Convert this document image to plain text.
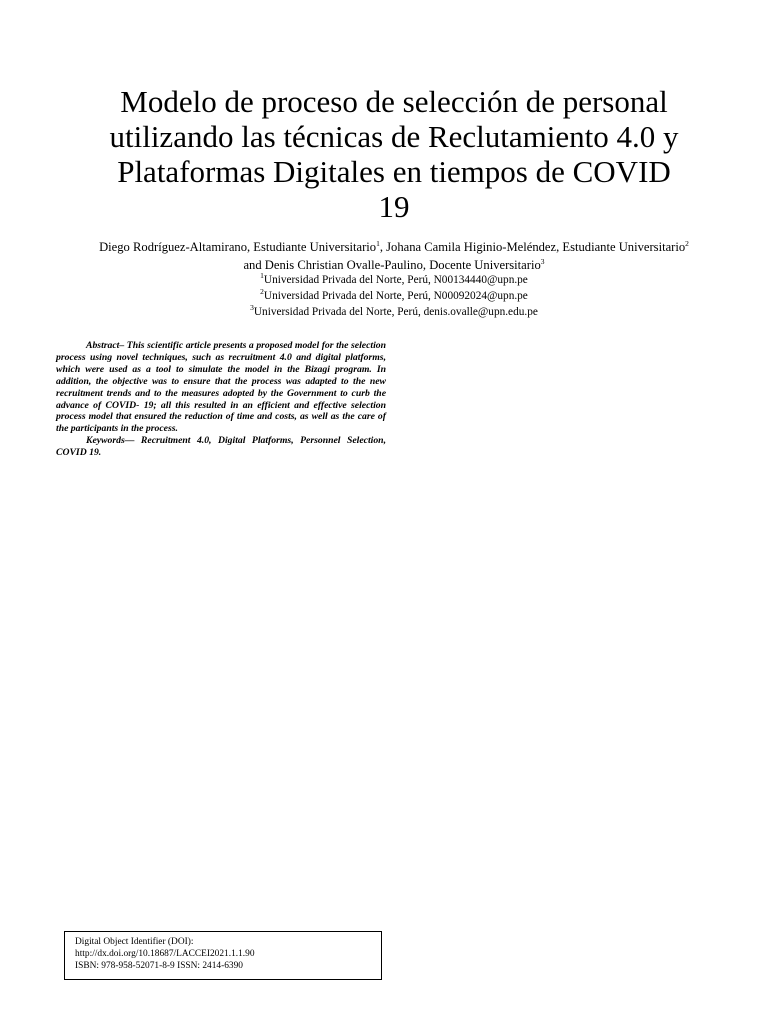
Modelo de proceso de selección de personal
utilizando las técnicas de Reclutamiento 4.0 y
Plataformas Digitales en tiempos de COVID
19
Diego Rodríguez-Altamirano, Estudiante Universitario$^1$, Johana Camila Higinio-Meléndez, Estudiante Universitario$^2$
and Denis Christian Ovalle-Paulino, Docente Universitario$^3$
$^1$Universidad Privada del Norte, Perú, N00134440@upn.pe
$^2$Universidad Privada del Norte, Perú, N00092024@upn.pe
$^3$Universidad Privada del Norte, Perú, denis.ovalle@upn.edu.pe

Abstract– This scientific article presents a proposed model for the selection process using novel techniques, such as recruitment 4.0 and digital platforms, which were used as a tool to simulate the model in the Bizagi program. In addition, the objective was to ensure that the process was adapted to the new recruitment trends and to the measures adopted by the Government to curb the advance of COVID- 19; all this resulted in an efficient and effective selection process model that ensured the reduction of time and costs, as well as the care of the participants in the process.

Keywords— Recruitment 4.0, Digital Platforms, Personnel Selection, COVID 19.

Digital Object Identifier (DOI):
http://dx.doi.org/10.18687/LACCEI2021.1.1.90
ISBN: 978-958-52071-8-9 ISSN: 2414-6390
